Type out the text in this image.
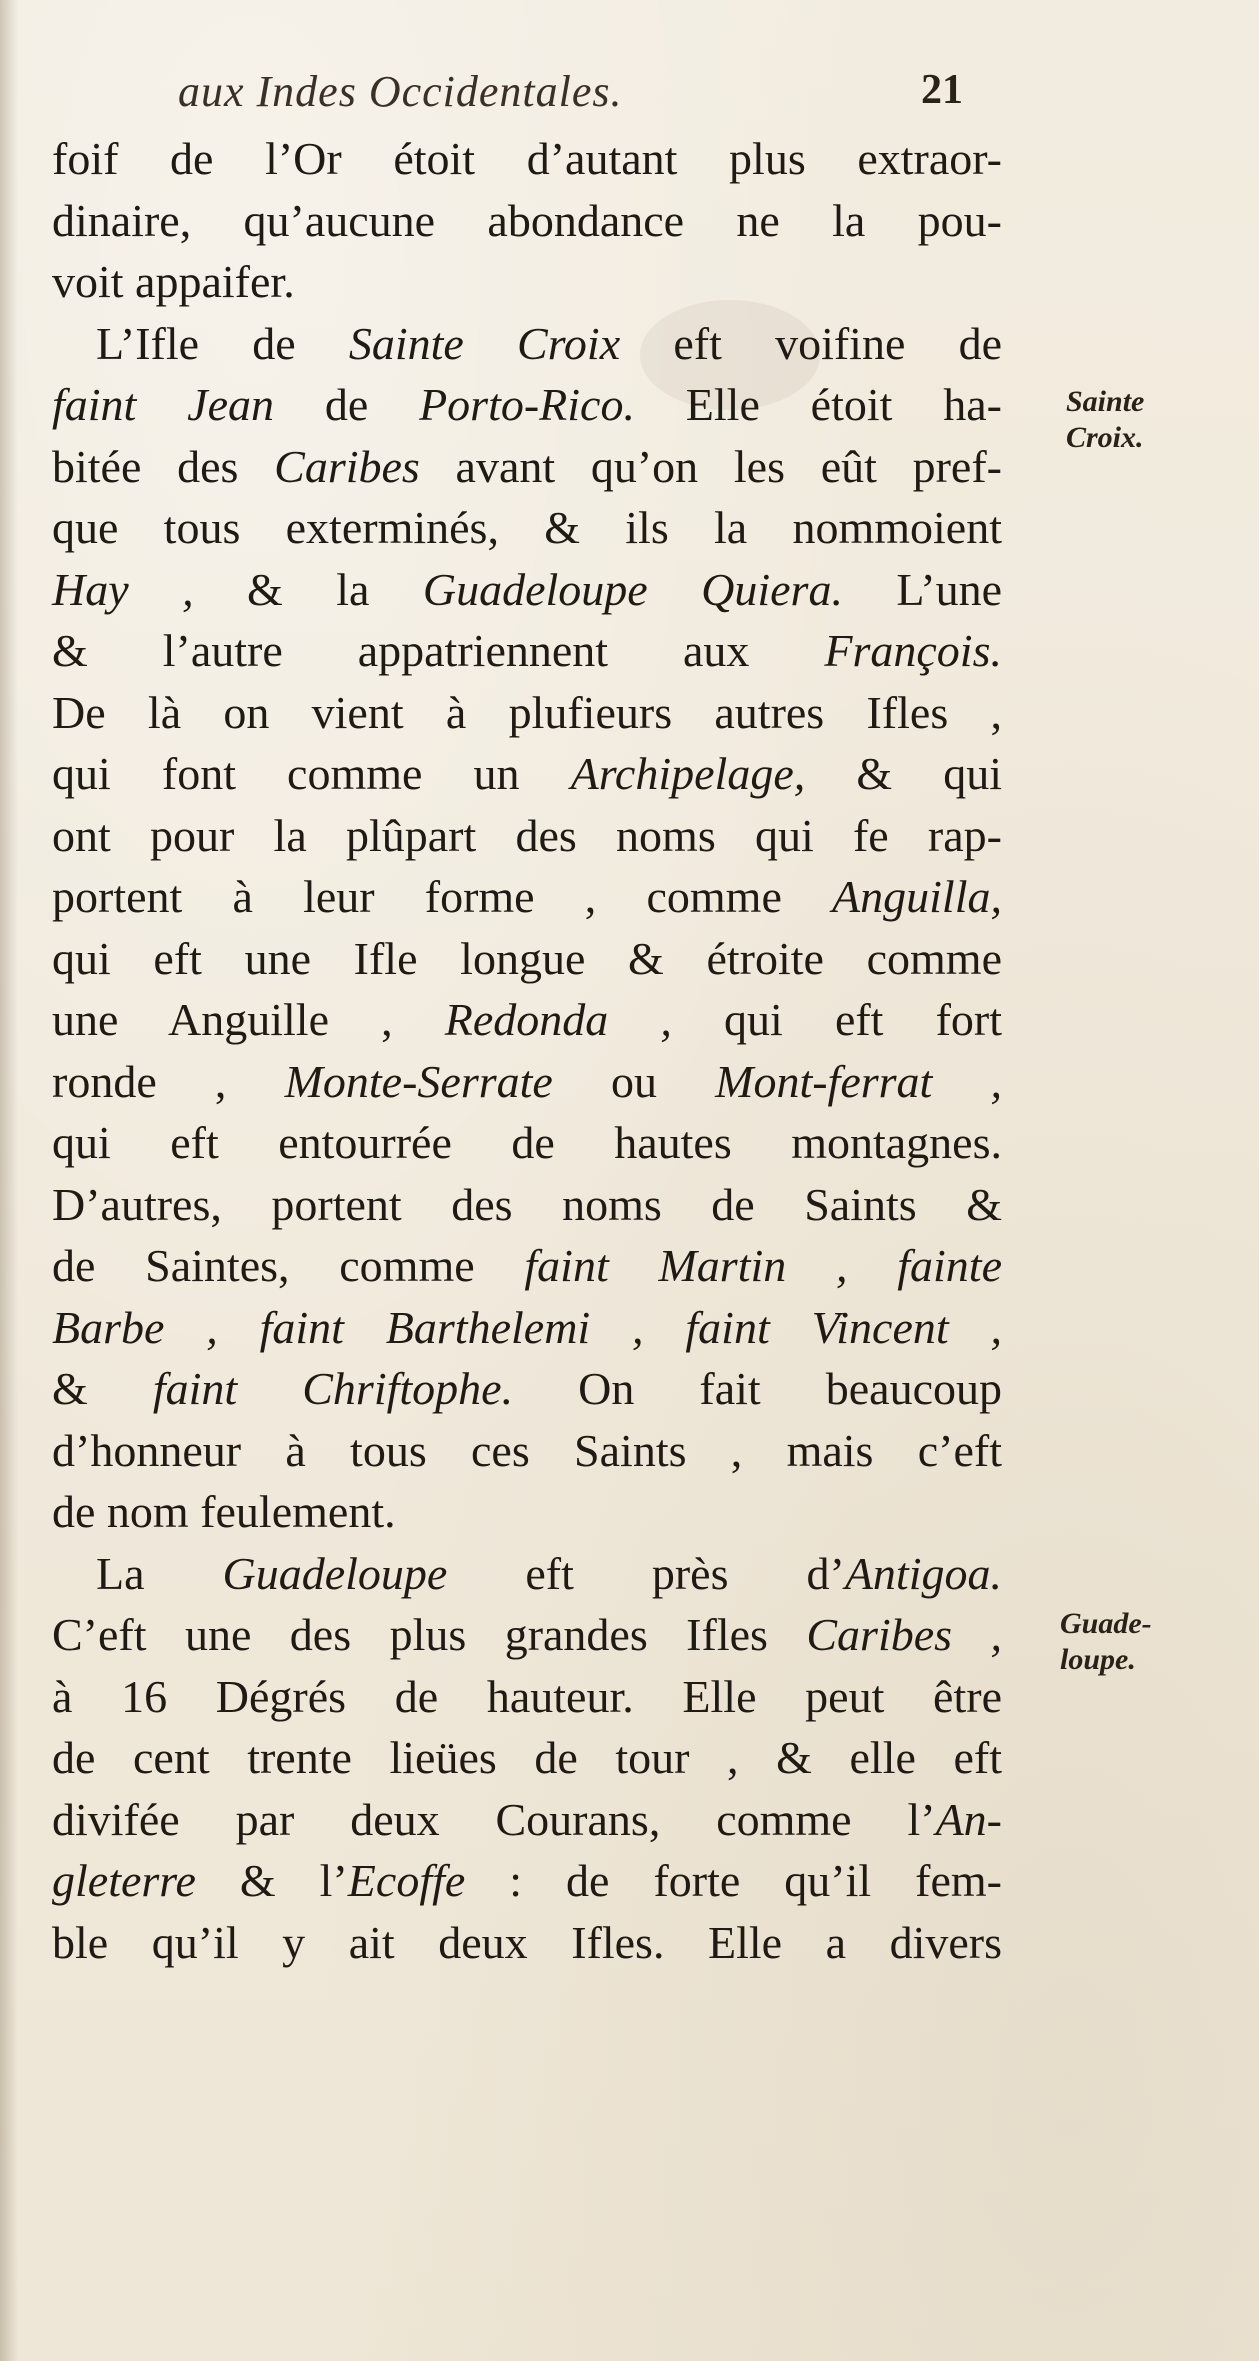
aux Indes Occidentales.	21
foif de l’Or étoit d’autant plus extraor-
dinaire, qu’aucune abondance ne la pou-
voit appaifer.
L’Ifle de Sainte Croix eft voifine de
faint Jean de Porto-Rico. Elle étoit ha-
bitée des Caribes avant qu’on les eût pref-
que tous exterminés, & ils la nommoient
Hay , & la Guadeloupe Quiera. L’une
& l’autre appatriennent aux François.
De là on vient à plufieurs autres Ifles ,
qui font comme un Archipelage, & qui
ont pour la plûpart des noms qui fe rap-
portent à leur forme , comme Anguilla,
qui eft une Ifle longue & étroite comme
une Anguille , Redonda , qui eft fort
ronde , Monte-Serrate ou Mont-ferrat ,
qui eft entourrée de hautes montagnes.
D’autres, portent des noms de Saints &
de Saintes, comme faint Martin , fainte
Barbe , faint Barthelemi , faint Vincent ,
& faint Chriftophe. On fait beaucoup
d’honneur à tous ces Saints , mais c’eft
de nom feulement.
La Guadeloupe eft près d’Antigoa.
C’eft une des plus grandes Ifles Caribes ,
à 16 Dégrés de hauteur. Elle peut être
de cent trente lieües de tour , & elle eft
divifée par deux Courans, comme l’An-
gleterre & l’Ecoffe : de forte qu’il fem-
ble qu’il y ait deux Ifles. Elle a divers
Sainte
Croix.
Guade-
loupe.
